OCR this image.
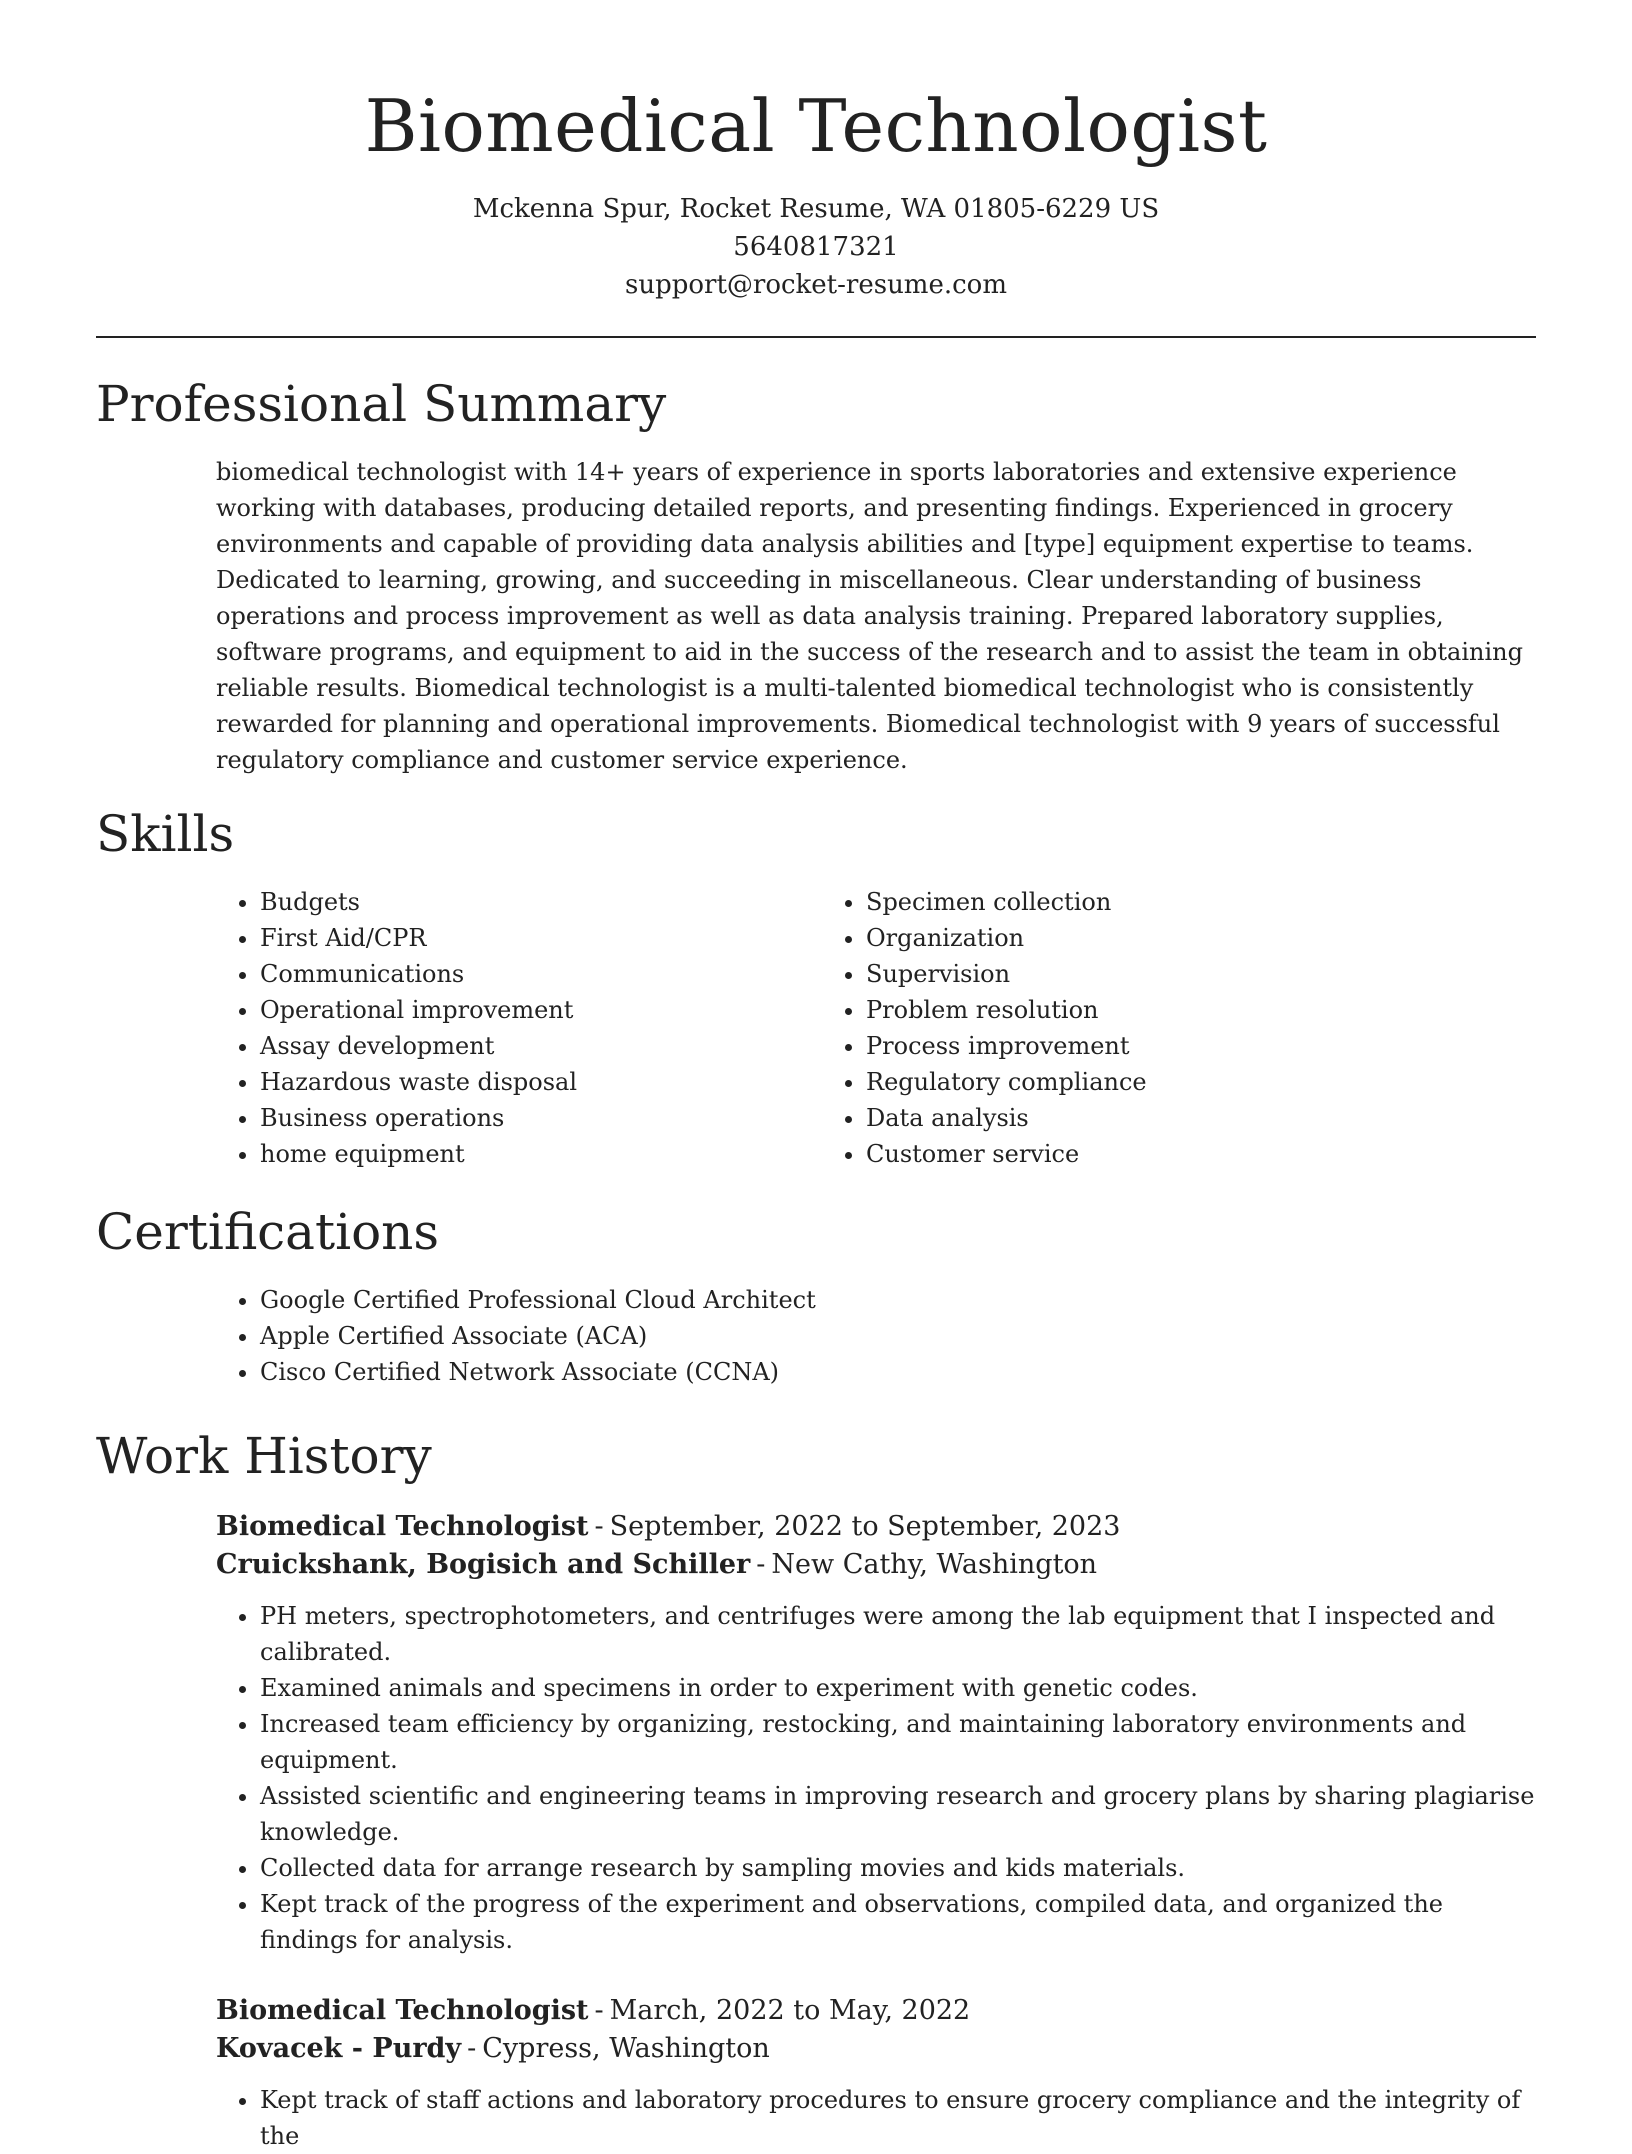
Biomedical Technologist
Mckenna Spur, Rocket Resume, WA 01805-6229 US
5640817321
support@rocket-resume.com
Professional Summary

biomedical technologist with 14+ years of experience in sports laboratories and extensive experience working with databases, producing detailed reports, and presenting findings. Experienced in grocery environments and capable of providing data analysis abilities and [type] equipment expertise to teams. Dedicated to learning, growing, and succeeding in miscellaneous. Clear understanding of business operations and process improvement as well as data analysis training. Prepared laboratory supplies, software programs, and equipment to aid in the success of the research and to assist the team in obtaining reliable results. Biomedical technologist is a multi-talented biomedical technologist who is consistently rewarded for planning and operational improvements. Biomedical technologist with 9 years of successful regulatory compliance and customer service experience.

Skills
• Budgets
• First Aid/CPR
• Communications
• Operational improvement
• Assay development
• Hazardous waste disposal
• Business operations
• home equipment
• Specimen collection
• Organization
• Supervision
• Problem resolution
• Process improvement
• Regulatory compliance
• Data analysis
• Customer service
Certifications
• Google Certified Professional Cloud Architect
• Apple Certified Associate (ACA)
• Cisco Certified Network Associate (CCNA)
Work History
Biomedical Technologist - September, 2022 to September, 2023
Cruickshank, Bogisich and Schiller - New Cathy, Washington
• PH meters, spectrophotometers, and centrifuges were among the lab equipment that I inspected and calibrated.
• Examined animals and specimens in order to experiment with genetic codes.
• Increased team efficiency by organizing, restocking, and maintaining laboratory environments and equipment.
• Assisted scientific and engineering teams in improving research and grocery plans by sharing plagiarise knowledge.
• Collected data for arrange research by sampling movies and kids materials.
• Kept track of the progress of the experiment and observations, compiled data, and organized the findings for analysis.
Biomedical Technologist - March, 2022 to May, 2022
Kovacek - Purdy - Cypress, Washington
• Kept track of staff actions and laboratory procedures to ensure grocery compliance and the integrity of the
